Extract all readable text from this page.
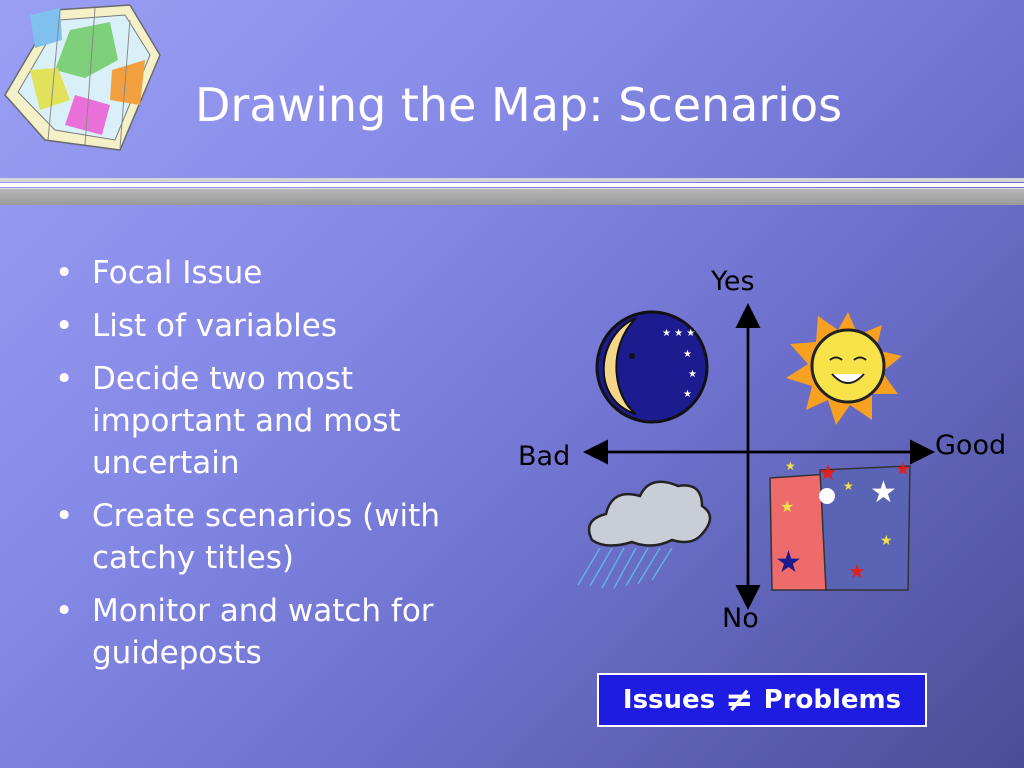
Drawing the Map: Scenarios
• Focal Issue
• List of variables
• Decide two most important and most uncertain
• Create scenarios (with catchy titles)
• Monitor and watch for guideposts
★ ★ ★
★
★
★
★
★
★
★
★
★
★
★
★
Yes
No
Bad	Good
Issues ≠ Problems
